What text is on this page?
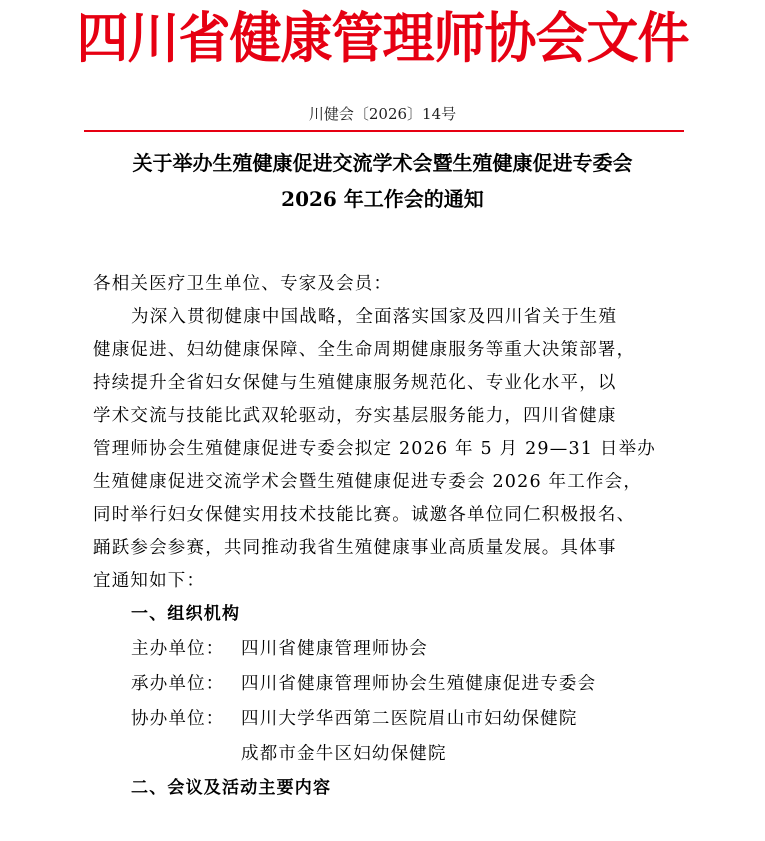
四川省健康管理师协会文件
川健会〔2026〕14号
关于举办生殖健康促进交流学术会暨生殖健康促进专委会
2026 年工作会的通知
各相关医疗卫生单位、专家及会员：
为深入贯彻健康中国战略，全面落实国家及四川省关于生殖
健康促进、妇幼健康保障、全生命周期健康服务等重大决策部署，
持续提升全省妇女保健与生殖健康服务规范化、专业化水平，以
学术交流与技能比武双轮驱动，夯实基层服务能力，四川省健康
管理师协会生殖健康促进专委会拟定 2026 年 5 月 29—31 日举办
生殖健康促进交流学术会暨生殖健康促进专委会 2026 年工作会，
同时举行妇女保健实用技术技能比赛。诚邀各单位同仁积极报名、
踊跃参会参赛，共同推动我省生殖健康事业高质量发展。具体事
宜通知如下：
一、组织机构
主办单位： 四川省健康管理师协会
承办单位： 四川省健康管理师协会生殖健康促进专委会
协办单位： 四川大学华西第二医院眉山市妇幼保健院
成都市金牛区妇幼保健院
二、会议及活动主要内容
